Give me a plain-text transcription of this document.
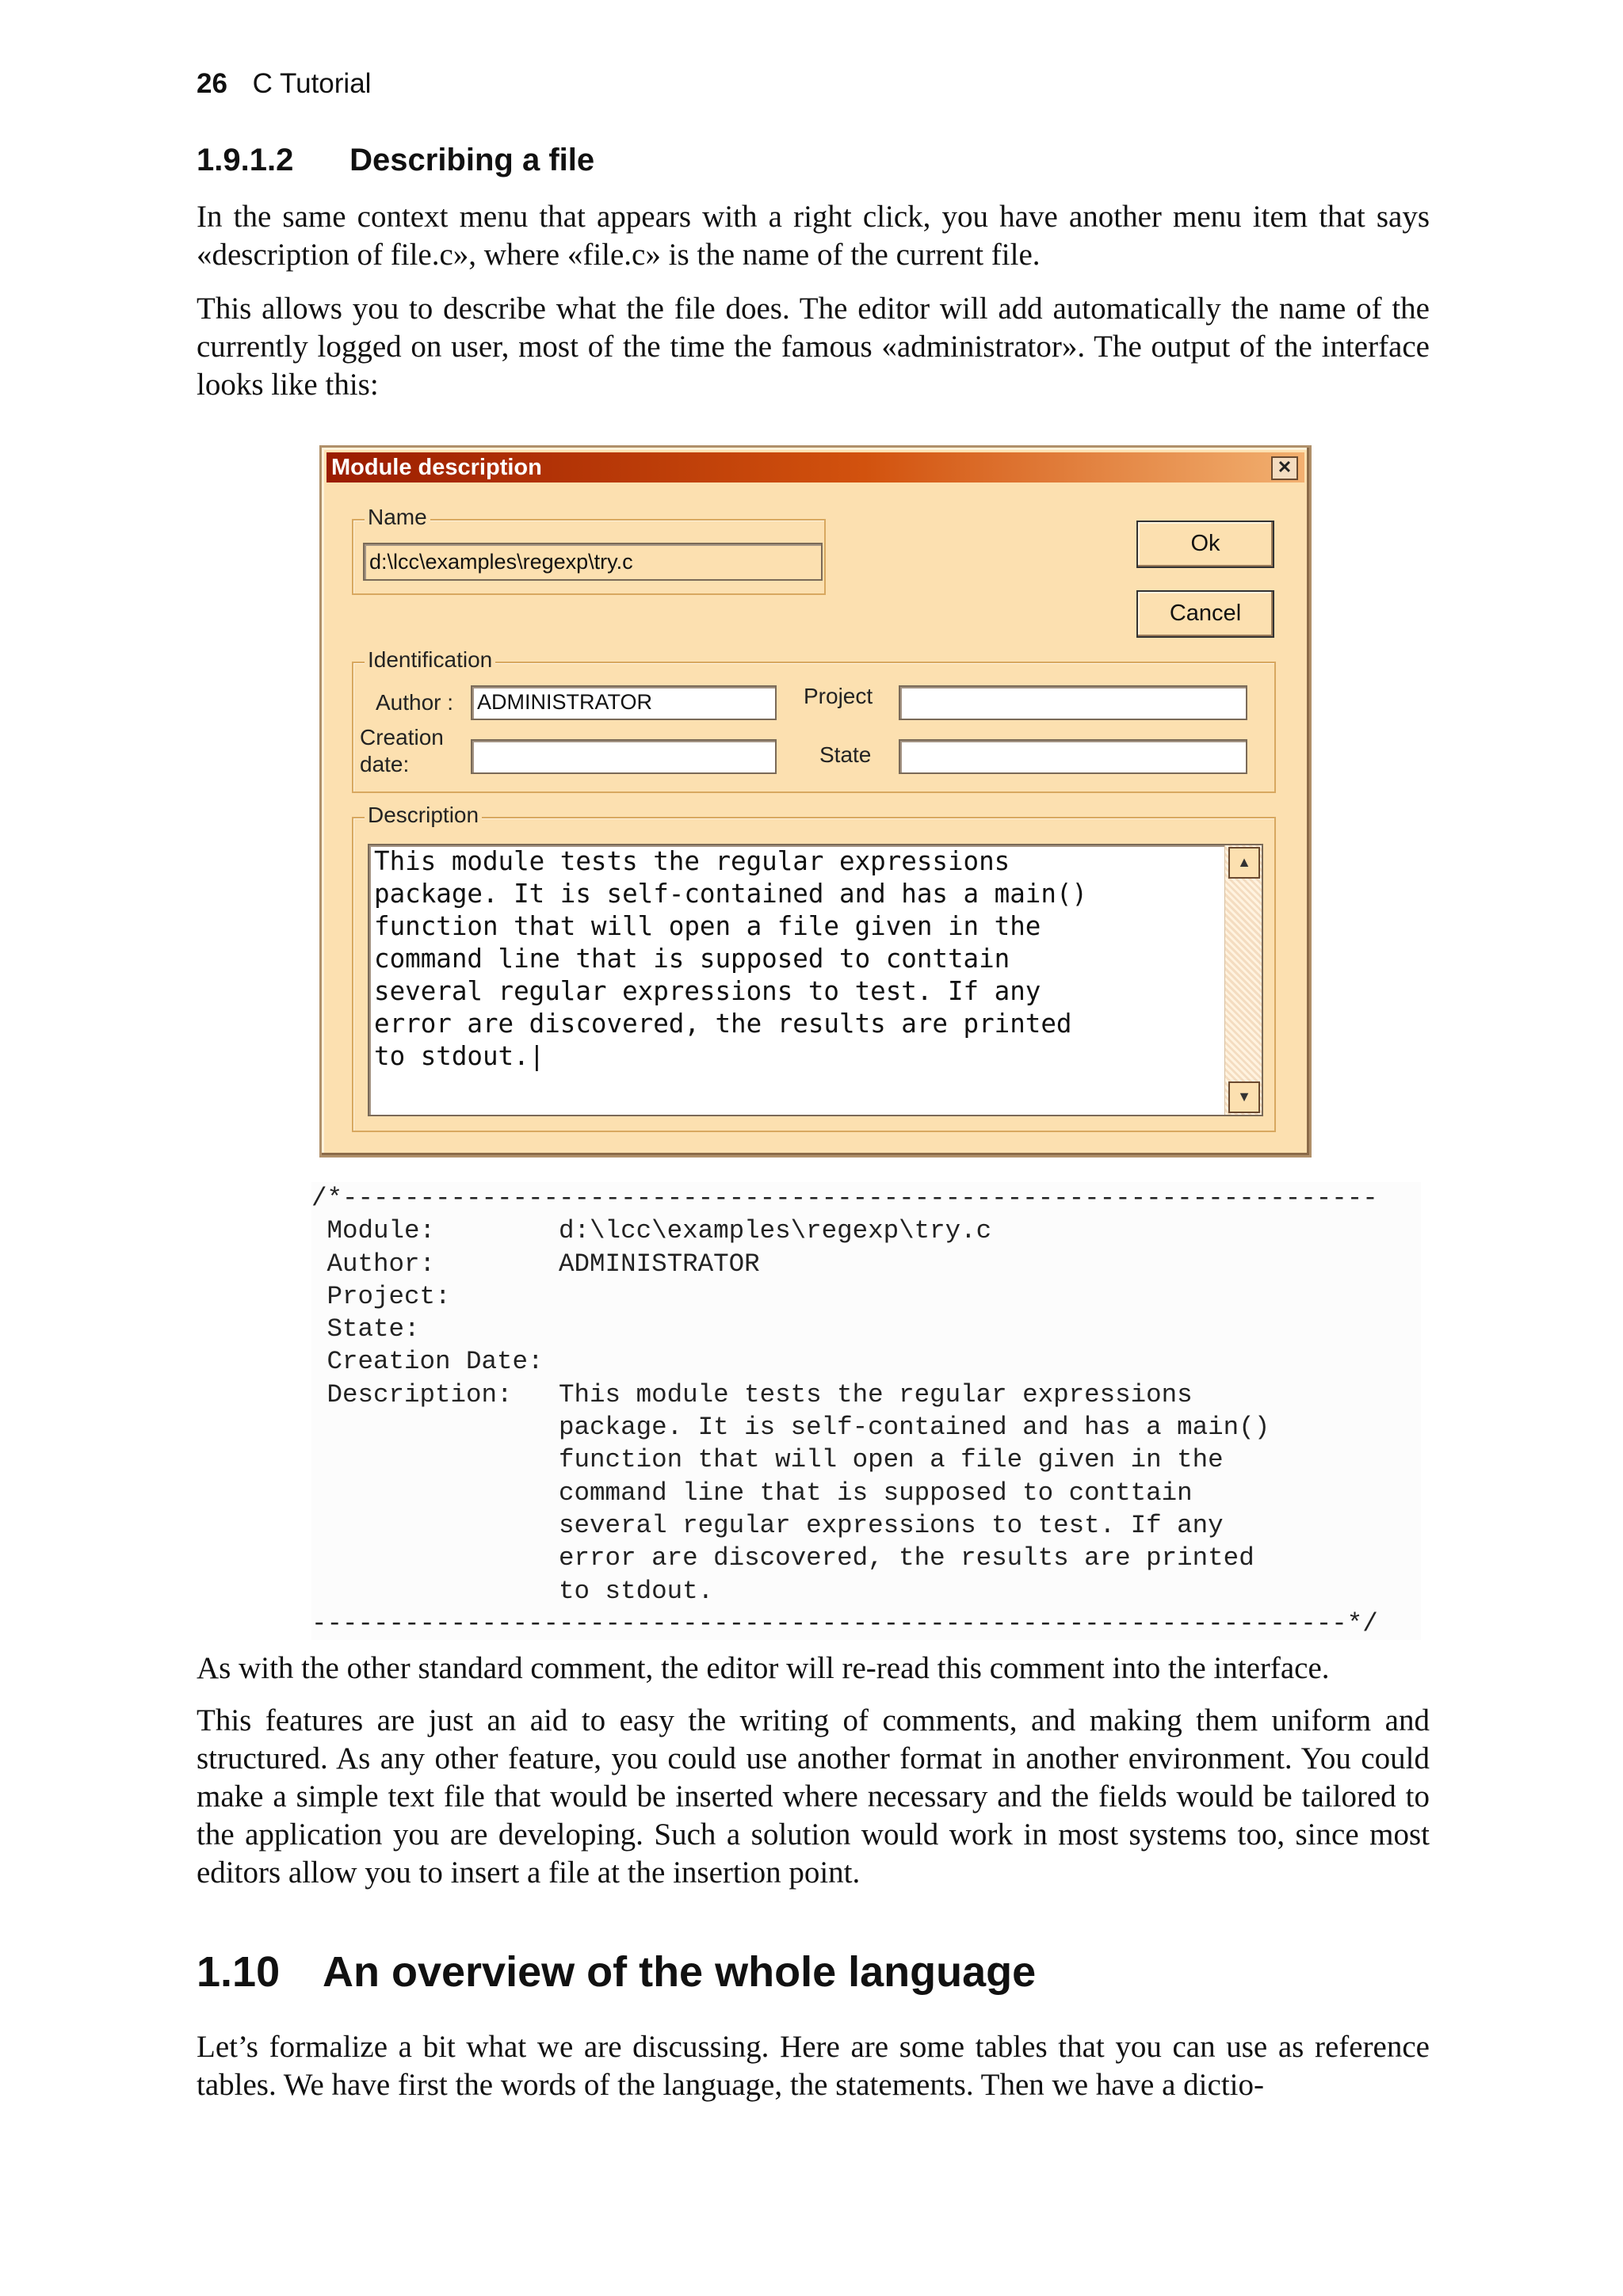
26 C Tutorial
1.9.1.2 Describing a file

In the same context menu that appears with a right click, you have another menu item that says «description of file.c», where «file.c» is the name of the current file.

This allows you to describe what the file does. The editor will add automatically the name of the currently logged on user, most of the time the famous «administrator». The output of the interface looks like this:

Module description	✕
Name
d:\lcc\examples\regexp\try.c
Ok
Cancel
Identification
Author : ADMINISTRATOR	Project
Creation
date:	State
Description
This module tests the regular expressions
package. It is self-contained and has a main()
function that will open a file given in the
command line that is supposed to conttain
several regular expressions to test. If any
error are discovered, the results are printed
to stdout.|
▲
▼
/*-------------------------------------------------------------------
Module:        d:\lcc\examples\regexp\try.c
Author:        ADMINISTRATOR
Project:
State:
Creation Date:
Description:   This module tests the regular expressions
package. It is self-contained and has a main()
function that will open a file given in the
command line that is supposed to conttain
several regular expressions to test. If any
error are discovered, the results are printed
to stdout.
-------------------------------------------------------------------*/

As with the other standard comment, the editor will re-read this comment into the interface.

This features are just an aid to easy the writing of comments, and making them uniform and structured. As any other feature, you could use another format in another environment. You could make a simple text file that would be inserted where necessary and the fields would be tailored to the application you are developing. Such a solution would work in most systems too, since most editors allow you to insert a file at the insertion point.

1.10 An overview of the whole language

Let’s formalize a bit what we are discussing. Here are some tables that you can use as reference tables. We have first the words of the language, the statements. Then we have a dictio-
